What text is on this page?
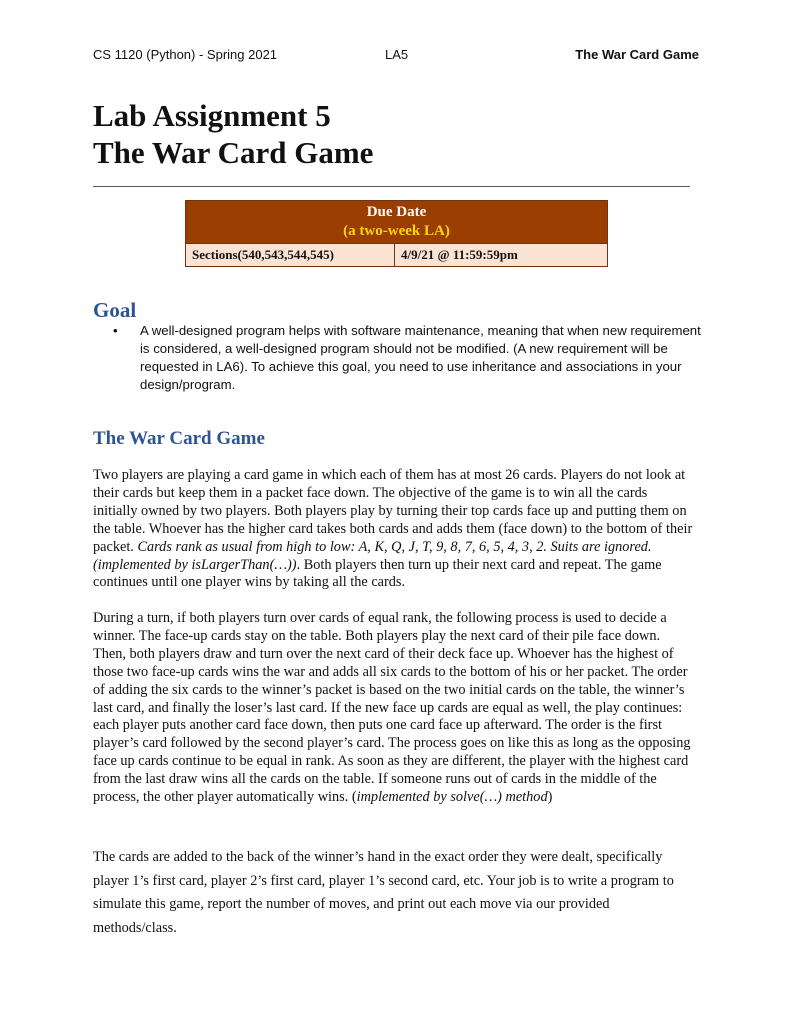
CS 1120 (Python) - Spring 2021	LA5	The War Card Game
Lab Assignment 5
The War Card Game
Due Date
(a two-week LA)
Sections(540,543,544,545)	4/9/21 @ 11:59:59pm
Goal
• A well-designed program helps with software maintenance, meaning that when new requirement is considered, a well-designed program should not be modified. (A new requirement will be requested in LA6). To achieve this goal, you need to use inheritance and associations in your design/program.
The War Card Game

Two players are playing a card game in which each of them has at most 26 cards. Players do not look at their cards but keep them in a packet face down. The objective of the game is to win all the cards initially owned by two players. Both players play by turning their top cards face up and putting them on the table. Whoever has the higher card takes both cards and adds them (face down) to the bottom of their packet. Cards rank as usual from high to low: A, K, Q, J, T, 9, 8, 7, 6, 5, 4, 3, 2. Suits are ignored. (implemented by isLargerThan(…)). Both players then turn up their next card and repeat. The game continues until one player wins by taking all the cards.

During a turn, if both players turn over cards of equal rank, the following process is used to decide a winner. The face-up cards stay on the table. Both players play the next card of their pile face down. Then, both players draw and turn over the next card of their deck face up. Whoever has the highest of those two face-up cards wins the war and adds all six cards to the bottom of his or her packet. The order of adding the six cards to the winner’s packet is based on the two initial cards on the table, the winner’s last card, and finally the loser’s last card. If the new face up cards are equal as well, the play continues: each player puts another card face down, then puts one card face up afterward. The order is the first player’s card followed by the second player’s card. The process goes on like this as long as the opposing face up cards continue to be equal in rank. As soon as they are different, the player with the highest card from the last draw wins all the cards on the table. If someone runs out of cards in the middle of the process, the other player automatically wins. (implemented by solve(…) method)

The cards are added to the back of the winner’s hand in the exact order they were dealt, specifically player 1’s first card, player 2’s first card, player 1’s second card, etc. Your job is to write a program to simulate this game, report the number of moves, and print out each move via our provided methods/class.
